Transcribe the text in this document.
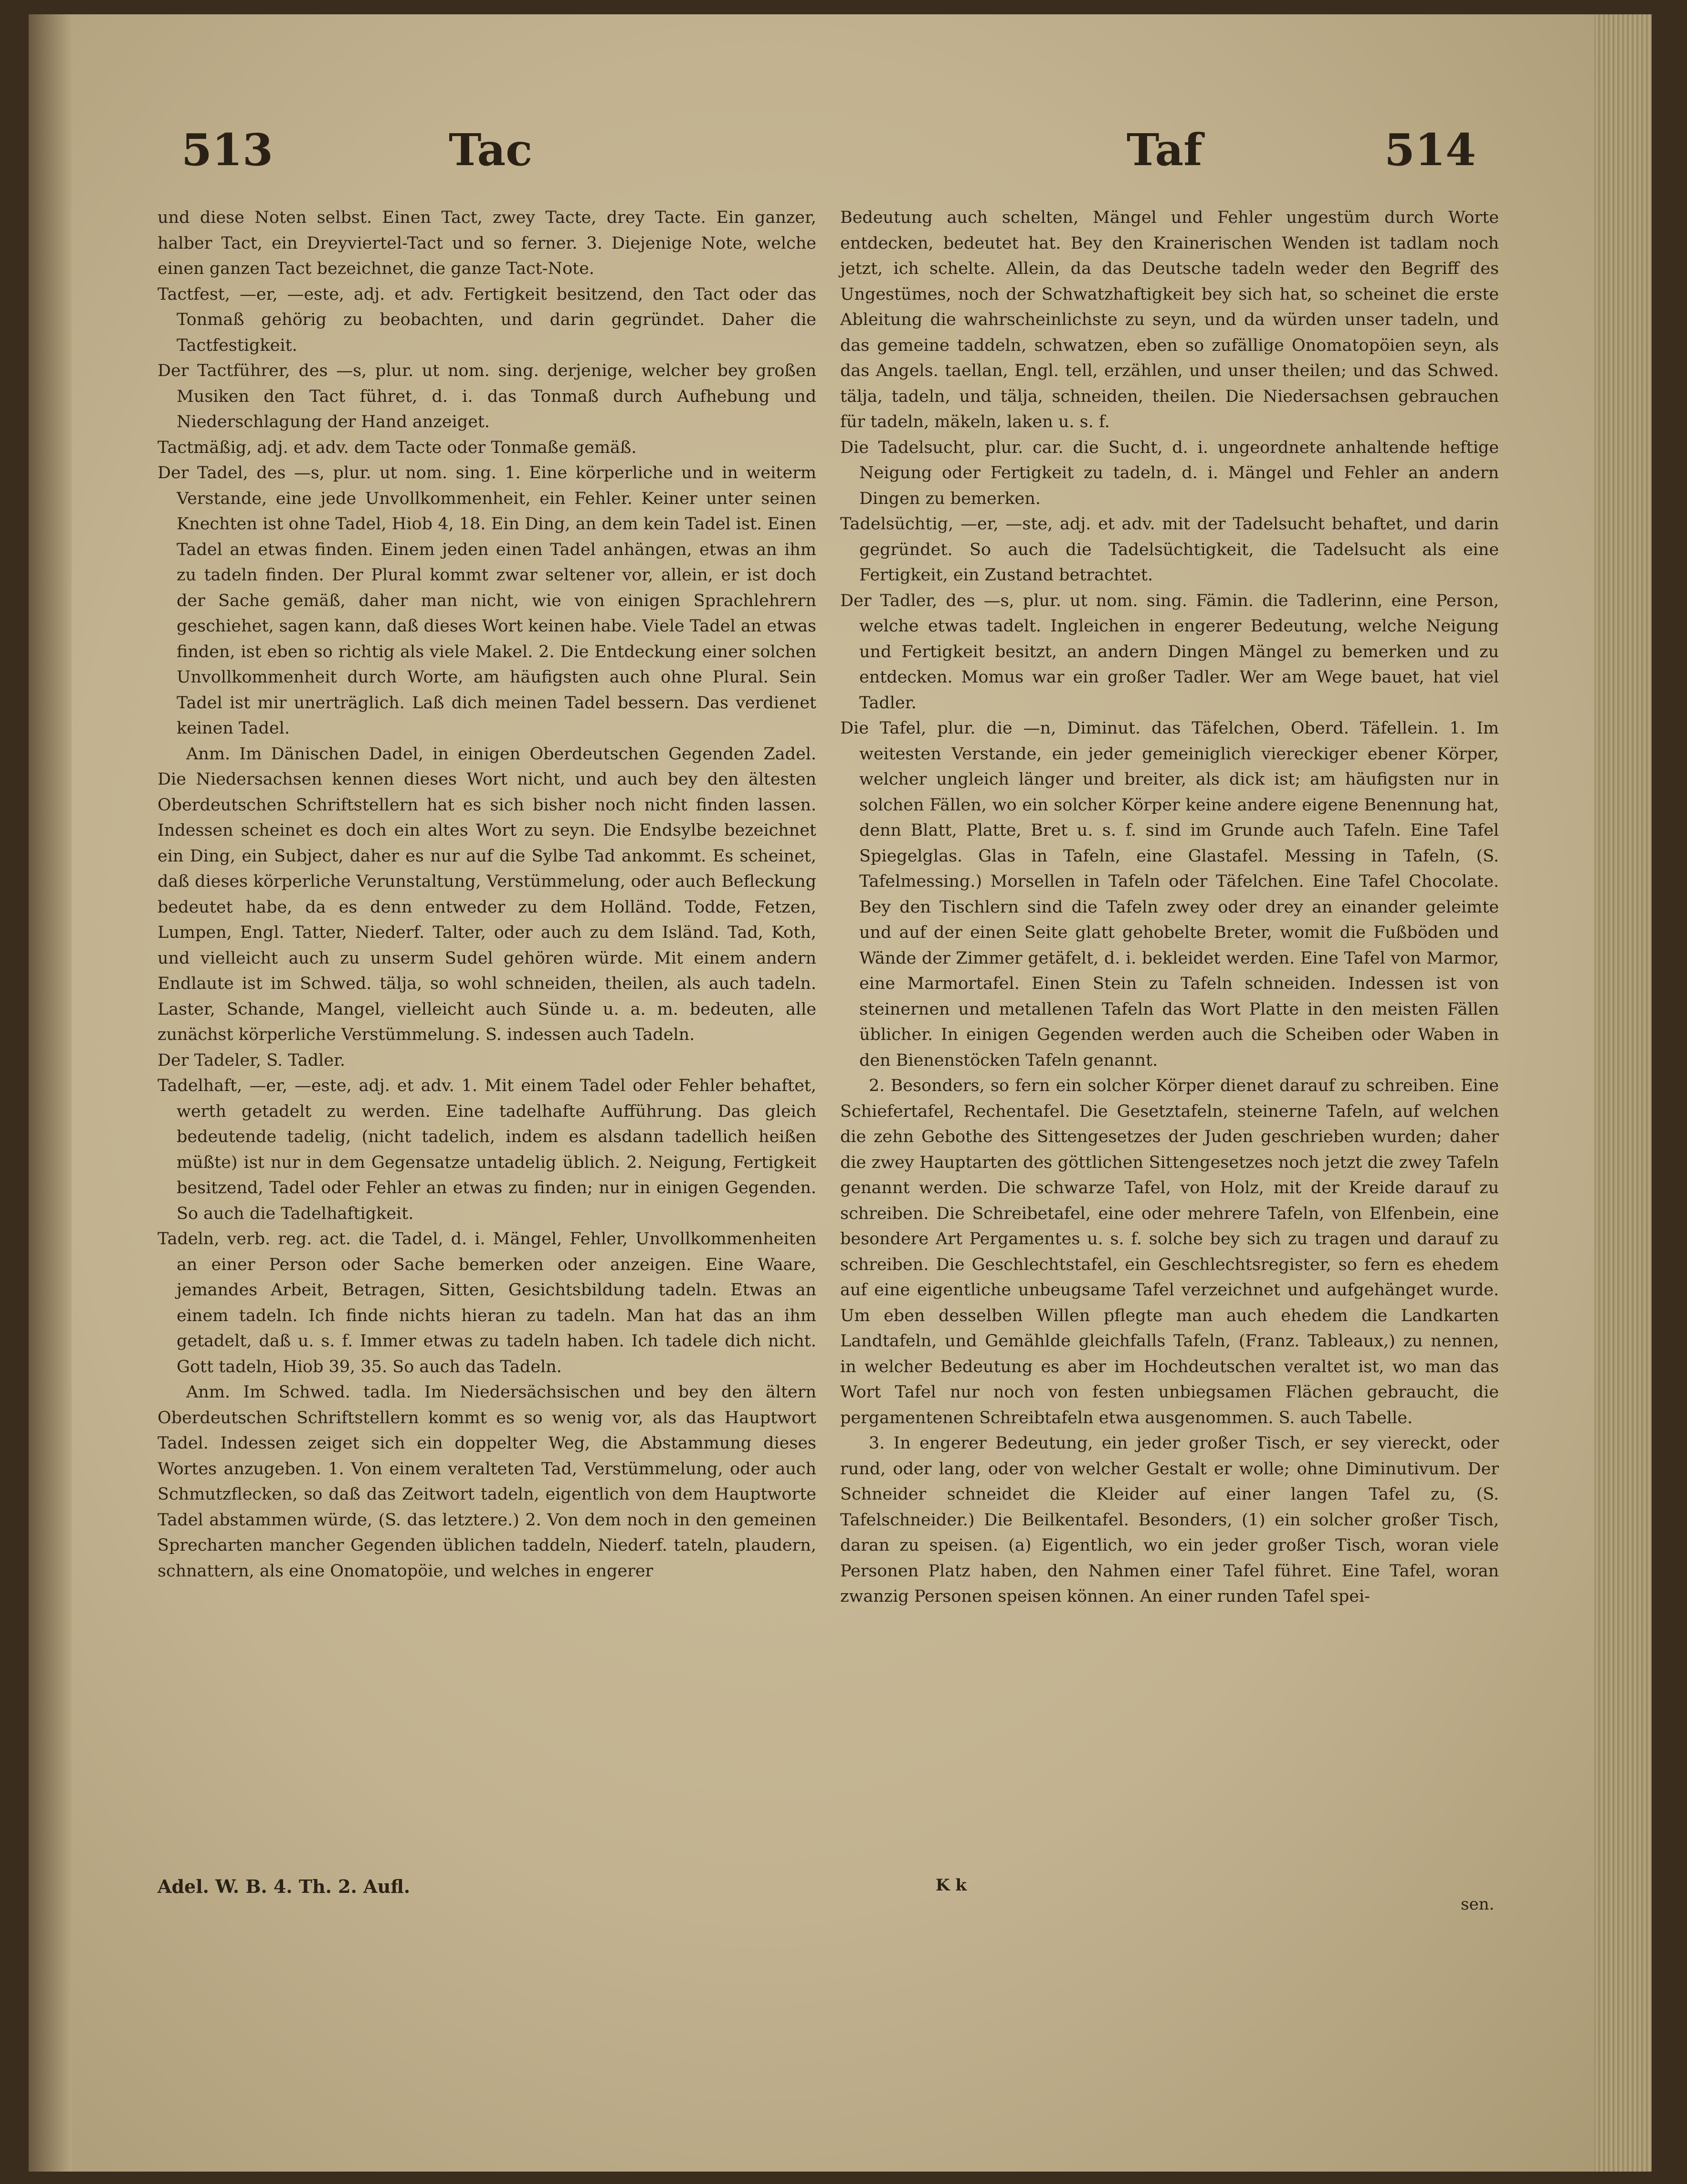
513	Tac	Taf	514

und diese Noten selbst. Einen Tact, zwey Tacte, drey Tacte. Ein ganzer, halber Tact, ein Dreyviertel-Tact und so ferner. 3. Diejenige Note, welche einen ganzen Tact bezeichnet, die ganze Tact-Note.

Tactfest, —er, —este, adj. et adv. Fertigkeit besitzend, den Tact oder das Tonmaß gehörig zu beobachten, und darin gegründet. Daher die Tactfestigkeit.

Der Tactführer, des —s, plur. ut nom. sing. derjenige, welcher bey großen Musiken den Tact führet, d. i. das Tonmaß durch Aufhebung und Niederschlagung der Hand anzeiget.

Tactmäßig, adj. et adv. dem Tacte oder Tonmaße gemäß.

Der Tadel, des —s, plur. ut nom. sing. 1. Eine körperliche und in weiterm Verstande, eine jede Unvollkommenheit, ein Fehler. Keiner unter seinen Knechten ist ohne Tadel, Hiob 4, 18. Ein Ding, an dem kein Tadel ist. Einen Tadel an etwas finden. Einem jeden einen Tadel anhängen, etwas an ihm zu tadeln finden. Der Plural kommt zwar seltener vor, allein, er ist doch der Sache gemäß, daher man nicht, wie von einigen Sprachlehrern geschiehet, sagen kann, daß dieses Wort keinen habe. Viele Tadel an etwas finden, ist eben so richtig als viele Makel. 2. Die Entdeckung einer solchen Unvollkommenheit durch Worte, am häufigsten auch ohne Plural. Sein Tadel ist mir unerträglich. Laß dich meinen Tadel bessern. Das verdienet keinen Tadel.

Anm. Im Dänischen Dadel, in einigen Oberdeutschen Gegenden Zadel. Die Niedersachsen kennen dieses Wort nicht, und auch bey den ältesten Oberdeutschen Schriftstellern hat es sich bisher noch nicht finden lassen. Indessen scheinet es doch ein altes Wort zu seyn. Die Endsylbe bezeichnet ein Ding, ein Subject, daher es nur auf die Sylbe Tad ankommt. Es scheinet, daß dieses körperliche Verunstaltung, Verstümmelung, oder auch Befleckung bedeutet habe, da es denn entweder zu dem Holländ. Todde, Fetzen, Lumpen, Engl. Tatter, Niederf. Talter, oder auch zu dem Isländ. Tad, Koth, und vielleicht auch zu unserm Sudel gehören würde. Mit einem andern Endlaute ist im Schwed. tälja, so wohl schneiden, theilen, als auch tadeln. Laster, Schande, Mangel, vielleicht auch Sünde u. a. m. bedeuten, alle zunächst körperliche Verstümmelung. S. indessen auch Tadeln.

Der Tadeler, S. Tadler.

Tadelhaft, —er, —este, adj. et adv. 1. Mit einem Tadel oder Fehler behaftet, werth getadelt zu werden. Eine tadelhafte Aufführung. Das gleich bedeutende tadelig, (nicht tadelich, indem es alsdann tadellich heißen müßte) ist nur in dem Gegensatze untadelig üblich. 2. Neigung, Fertigkeit besitzend, Tadel oder Fehler an etwas zu finden; nur in einigen Gegenden. So auch die Tadelhaftigkeit.

Tadeln, verb. reg. act. die Tadel, d. i. Mängel, Fehler, Unvollkommenheiten an einer Person oder Sache bemerken oder anzeigen. Eine Waare, jemandes Arbeit, Betragen, Sitten, Gesichtsbildung tadeln. Etwas an einem tadeln. Ich finde nichts hieran zu tadeln. Man hat das an ihm getadelt, daß u. s. f. Immer etwas zu tadeln haben. Ich tadele dich nicht. Gott tadeln, Hiob 39, 35. So auch das Tadeln.

Anm. Im Schwed. tadla. Im Niedersächsischen und bey den ältern Oberdeutschen Schriftstellern kommt es so wenig vor, als das Hauptwort Tadel. Indessen zeiget sich ein doppelter Weg, die Abstammung dieses Wortes anzugeben. 1. Von einem veralteten Tad, Verstümmelung, oder auch Schmutzflecken, so daß das Zeitwort tadeln, eigentlich von dem Hauptworte Tadel abstammen würde, (S. das letztere.) 2. Von dem noch in den gemeinen Sprecharten mancher Gegenden üblichen taddeln, Niederf. tateln, plaudern, schnattern, als eine Onomatopöie, und welches in engerer

Bedeutung auch schelten, Mängel und Fehler ungestüm durch Worte entdecken, bedeutet hat. Bey den Krainerischen Wenden ist tadlam noch jetzt, ich schelte. Allein, da das Deutsche tadeln weder den Begriff des Ungestümes, noch der Schwatzhaftigkeit bey sich hat, so scheinet die erste Ableitung die wahrscheinlichste zu seyn, und da würden unser tadeln, und das gemeine taddeln, schwatzen, eben so zufällige Onomatopöien seyn, als das Angels. taellan, Engl. tell, erzählen, und unser theilen; und das Schwed. tälja, tadeln, und tälja, schneiden, theilen. Die Niedersachsen gebrauchen für tadeln, mäkeln, laken u. s. f.

Die Tadelsucht, plur. car. die Sucht, d. i. ungeordnete anhaltende heftige Neigung oder Fertigkeit zu tadeln, d. i. Mängel und Fehler an andern Dingen zu bemerken.

Tadelsüchtig, —er, —ste, adj. et adv. mit der Tadelsucht behaftet, und darin gegründet. So auch die Tadelsüchtigkeit, die Tadelsucht als eine Fertigkeit, ein Zustand betrachtet.

Der Tadler, des —s, plur. ut nom. sing. Fämin. die Tadlerinn, eine Person, welche etwas tadelt. Ingleichen in engerer Bedeutung, welche Neigung und Fertigkeit besitzt, an andern Dingen Mängel zu bemerken und zu entdecken. Momus war ein großer Tadler. Wer am Wege bauet, hat viel Tadler.

Die Tafel, plur. die —n, Diminut. das Täfelchen, Oberd. Täfellein. 1. Im weitesten Verstande, ein jeder gemeiniglich viereckiger ebener Körper, welcher ungleich länger und breiter, als dick ist; am häufigsten nur in solchen Fällen, wo ein solcher Körper keine andere eigene Benennung hat, denn Blatt, Platte, Bret u. s. f. sind im Grunde auch Tafeln. Eine Tafel Spiegelglas. Glas in Tafeln, eine Glastafel. Messing in Tafeln, (S. Tafelmessing.) Morsellen in Tafeln oder Täfelchen. Eine Tafel Chocolate. Bey den Tischlern sind die Tafeln zwey oder drey an einander geleimte und auf der einen Seite glatt gehobelte Breter, womit die Fußböden und Wände der Zimmer getäfelt, d. i. bekleidet werden. Eine Tafel von Marmor, eine Marmortafel. Einen Stein zu Tafeln schneiden. Indessen ist von steinernen und metallenen Tafeln das Wort Platte in den meisten Fällen üblicher. In einigen Gegenden werden auch die Scheiben oder Waben in den Bienenstöcken Tafeln genannt.

2. Besonders, so fern ein solcher Körper dienet darauf zu schreiben. Eine Schiefertafel, Rechentafel. Die Gesetztafeln, steinerne Tafeln, auf welchen die zehn Gebothe des Sittengesetzes der Juden geschrieben wurden; daher die zwey Hauptarten des göttlichen Sittengesetzes noch jetzt die zwey Tafeln genannt werden. Die schwarze Tafel, von Holz, mit der Kreide darauf zu schreiben. Die Schreibetafel, eine oder mehrere Tafeln, von Elfenbein, eine besondere Art Pergamentes u. s. f. solche bey sich zu tragen und darauf zu schreiben. Die Geschlechtstafel, ein Geschlechtsregister, so fern es ehedem auf eine eigentliche unbeugsame Tafel verzeichnet und aufgehänget wurde. Um eben desselben Willen pflegte man auch ehedem die Landkarten Landtafeln, und Gemählde gleichfalls Tafeln, (Franz. Tableaux,) zu nennen, in welcher Bedeutung es aber im Hochdeutschen veraltet ist, wo man das Wort Tafel nur noch von festen unbiegsamen Flächen gebraucht, die pergamentenen Schreibtafeln etwa ausgenommen. S. auch Tabelle.

3. In engerer Bedeutung, ein jeder großer Tisch, er sey viereckt, oder rund, oder lang, oder von welcher Gestalt er wolle; ohne Diminutivum. Der Schneider schneidet die Kleider auf einer langen Tafel zu, (S. Tafelschneider.) Die Beilkentafel. Besonders, (1) ein solcher großer Tisch, daran zu speisen. (a) Eigentlich, wo ein jeder großer Tisch, woran viele Personen Platz haben, den Nahmen einer Tafel führet. Eine Tafel, woran zwanzig Personen speisen können. An einer runden Tafel spei-

Adel. W. B. 4. Th. 2. Aufl.	K k
sen.
